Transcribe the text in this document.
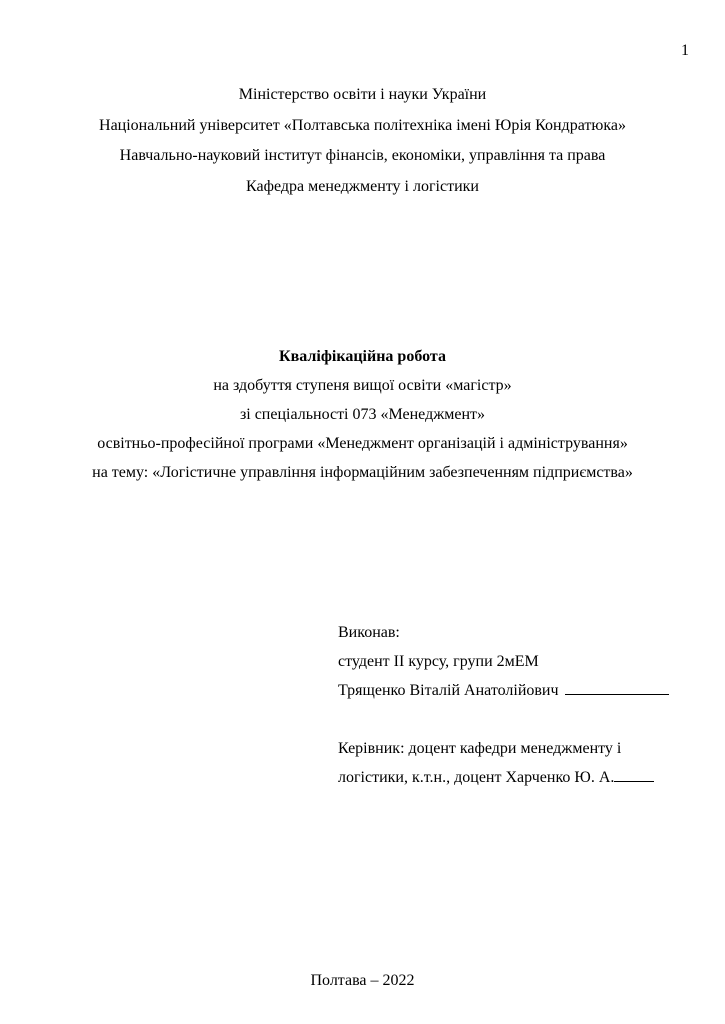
1
Міністерство освіти і науки України
Національний університет «Полтавська політехніка імені Юрія Кондратюка»
Навчально-науковий інститут фінансів, економіки, управління та права
Кафедра менеджменту і логістики
Кваліфікаційна робота
на здобуття ступеня вищої освіти «магістр»
зі спеціальності 073 «Менеджмент»
освітньо-професійної програми «Менеджмент організацій і адміністрування»
на тему: «Логістичне управління інформаційним забезпеченням підприємства»
Виконав:
студент ІІ курсу, групи 2мЕМ
Трященко Віталій Анатолійович
Керівник: доцент кафедри менеджменту і
логістики, к.т.н., доцент Харченко Ю. А.
Полтава – 2022
